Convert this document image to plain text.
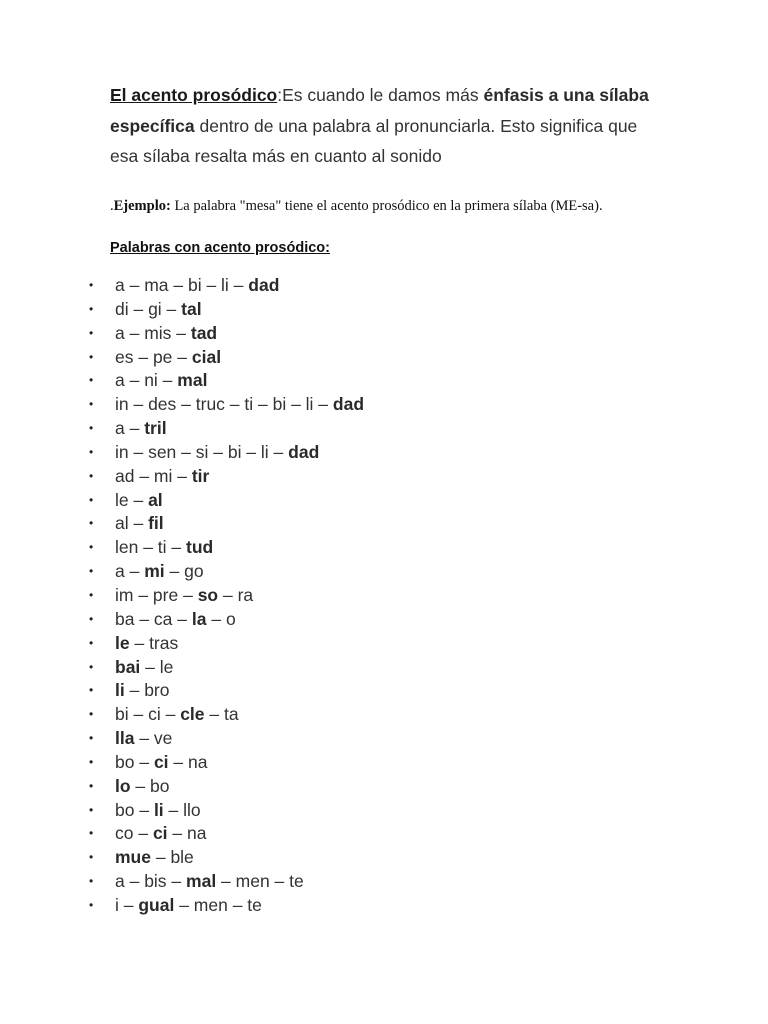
El acento prosódico:Es cuando le damos más énfasis a una sílaba específica dentro de una palabra al pronunciarla. Esto significa que esa sílaba resalta más en cuanto al sonido
.Ejemplo: La palabra "mesa" tiene el acento prosódico en la primera sílaba (ME-sa).
Palabras con acento prosódico:
• a – ma – bi – li – dad
• di – gi – tal
• a – mis – tad
• es – pe – cial
• a – ni – mal
• in – des – truc – ti – bi – li – dad
• a – tril
• in – sen – si – bi – li – dad
• ad – mi – tir
• le – al
• al – fil
• len – ti – tud
• a – mi – go
• im – pre – so – ra
• ba – ca – la – o
• le – tras
• bai – le
• li – bro
• bi – ci – cle – ta
• lla – ve
• bo – ci – na
• lo – bo
• bo – li – llo
• co – ci – na
• mue – ble
• a – bis – mal – men – te
• i – gual – men – te
